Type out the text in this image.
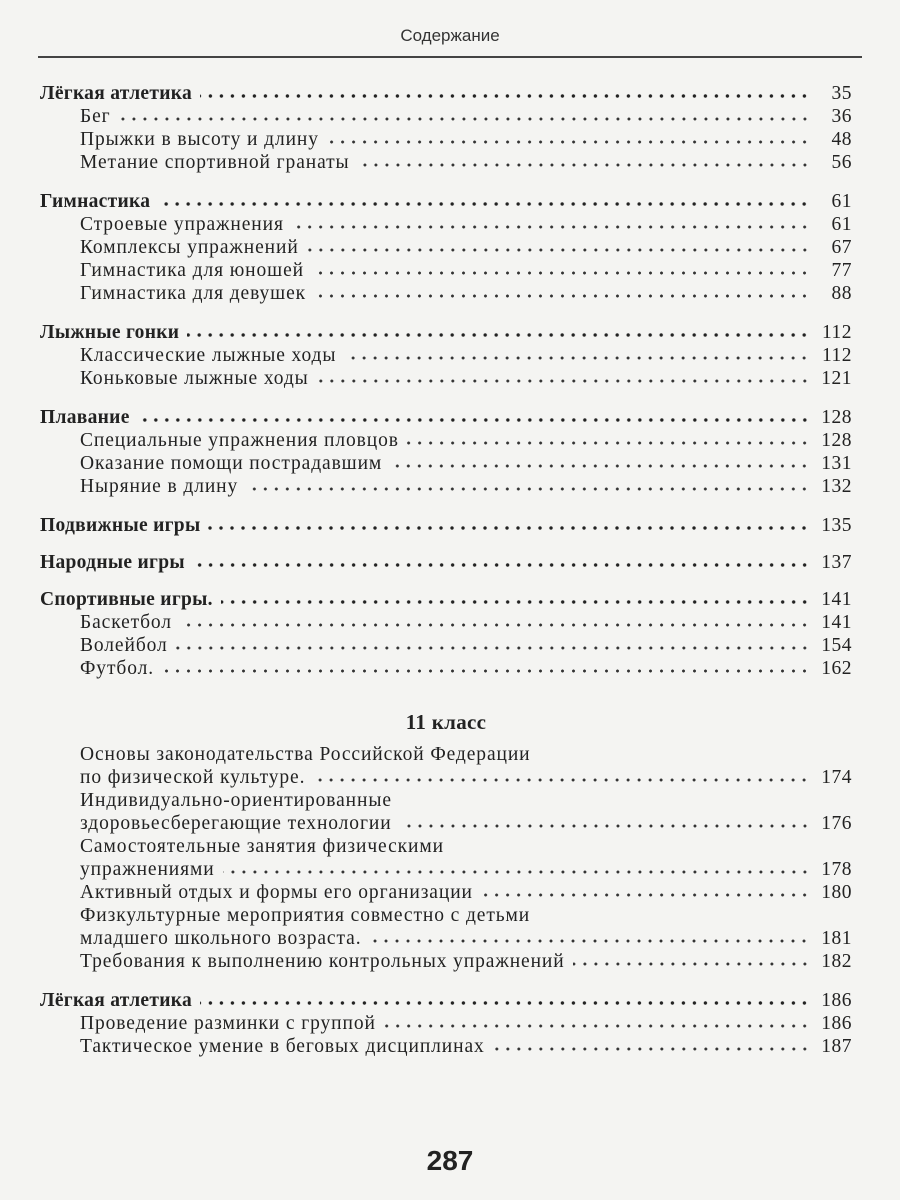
Содержание
Лёгкая атлетика	35
Бег	36
Прыжки в высоту и длину	48
Метание спортивной гранаты	56
Гимнастика	61
Строевые упражнения	61
Комплексы упражнений	67
Гимнастика для юношей	77
Гимнастика для девушек	88
Лыжные гонки	112
Классические лыжные ходы	112
Коньковые лыжные ходы	121
Плавание	128
Специальные упражнения пловцов	128
Оказание помощи пострадавшим	131
Ныряние в длину	132
Подвижные игры	135
Народные игры	137
Спортивные игры.	141
Баскетбол	141
Волейбол	154
Футбол.	162
11 класс
Основы законодательства Российской Федерации
по физической культуре.	174
Индивидуально-ориентированные
здоровьесберегающие технологии	176
Самостоятельные занятия физическими
упражнениями	178
Активный отдых и формы его организации	180
Физкультурные мероприятия совместно с детьми
младшего школьного возраста.	181
Требования к выполнению контрольных упражнений	182
Лёгкая атлетика	186
Проведение разминки с группой	186
Тактическое умение в беговых дисциплинах	187
287
